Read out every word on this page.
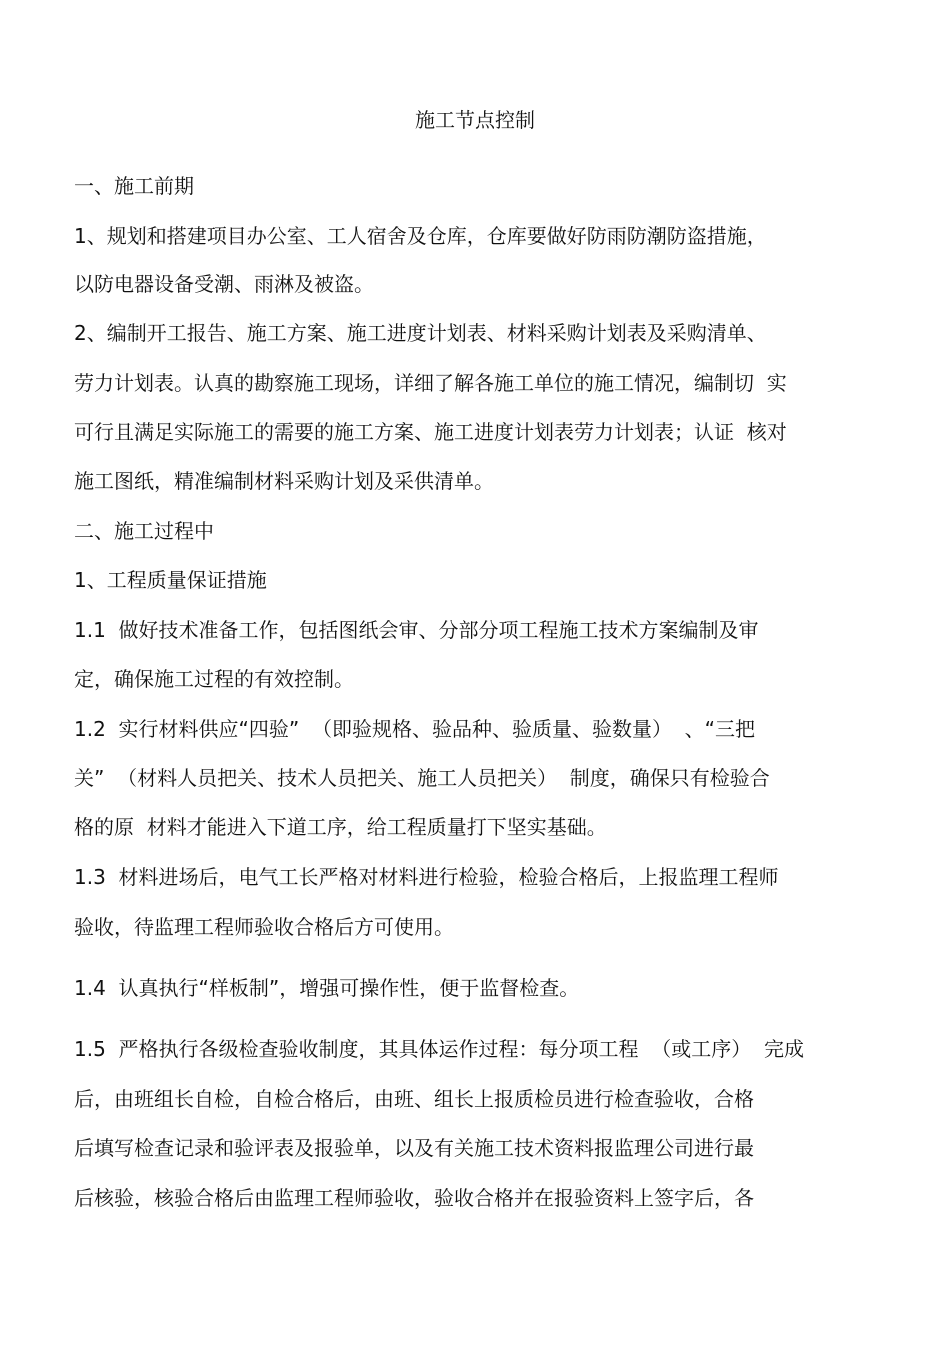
施工节点控制
一、施工前期
1、规划和搭建项目办公室、工人宿舍及仓库，仓库要做好防雨防潮防盗措施，
以防电器设备受潮、雨淋及被盗。
2、编制开工报告、施工方案、施工进度计划表、材料采购计划表及采购清单、
劳力计划表。认真的勘察施工现场，详细了解各施工单位的施工情况，编制切  实
可行且满足实际施工的需要的施工方案、施工进度计划表劳力计划表；认证  核对
施工图纸，精准编制材料采购计划及采供清单。
二、施工过程中
1、工程质量保证措施
1.1  做好技术准备工作，包括图纸会审、分部分项工程施工技术方案编制及审
定，确保施工过程的有效控制。
1.2  实行材料供应“四验”  （即验规格、验品种、验质量、验数量）  、“三把
关”  （材料人员把关、技术人员把关、施工人员把关）  制度，确保只有检验合
格的原  材料才能进入下道工序，给工程质量打下坚实基础。
1.3  材料进场后，电气工长严格对材料进行检验，检验合格后，上报监理工程师
验收，待监理工程师验收合格后方可使用。
1.4  认真执行“样板制”，增强可操作性，便于监督检查。
1.5  严格执行各级检查验收制度，其具体运作过程：每分项工程  （或工序）  完成
后，由班组长自检，自检合格后，由班、组长上报质检员进行检查验收，合格
后填写检查记录和验评表及报验单，以及有关施工技术资料报监理公司进行最
后核验，核验合格后由监理工程师验收，验收合格并在报验资料上签字后，各
